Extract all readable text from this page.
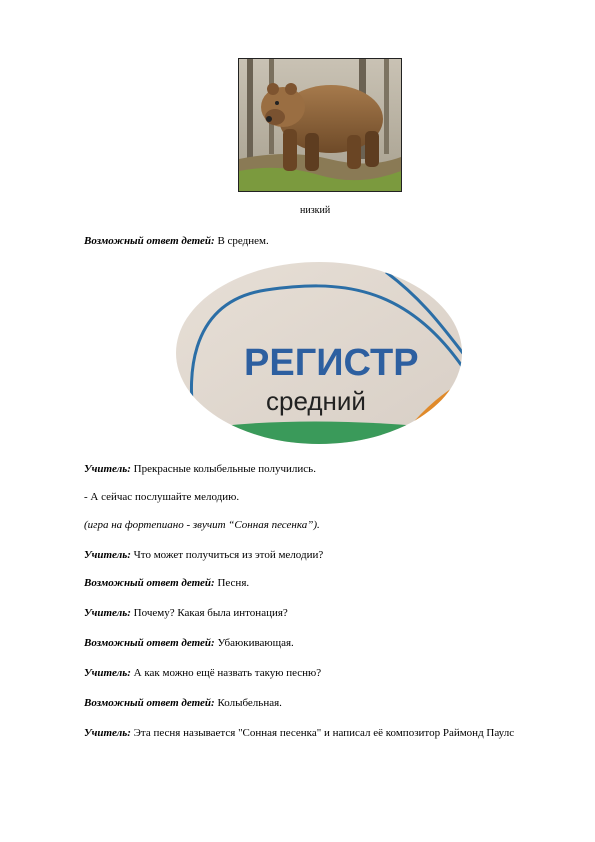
низкий
Возможный ответ детей: В среднем.
РЕГИСТР
средний
Учитель: Прекрасные колыбельные получились.
- А сейчас послушайте мелодию.
(игра на фортепиано - звучит “Сонная песенка”).
Учитель: Что может получиться из этой мелодии?
Возможный ответ детей: Песня.
Учитель: Почему? Какая была интонация?
Возможный ответ детей: Убаюкивающая.
Учитель: А как можно ещё назвать такую песню?
Возможный ответ детей: Колыбельная.
Учитель: Эта песня называется "Сонная песенка" и написал её композитор Раймонд Паулс
